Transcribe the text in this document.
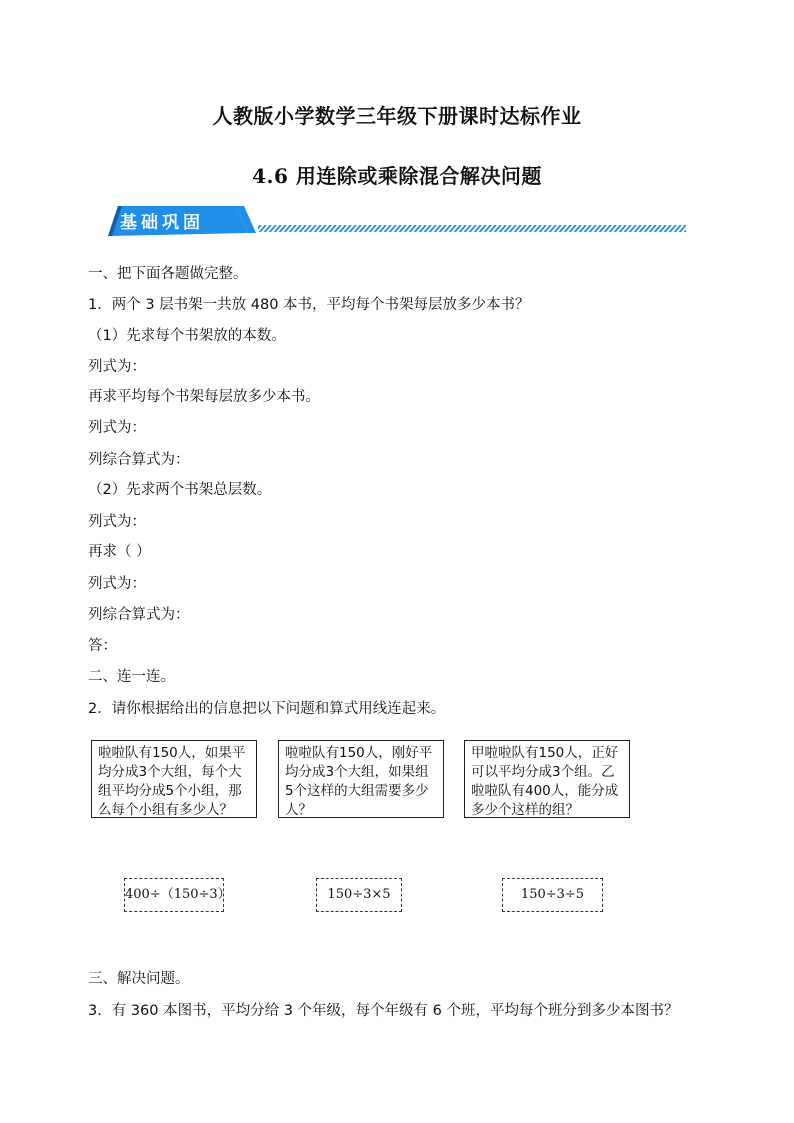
人教版小学数学三年级下册课时达标作业
4.6 用连除或乘除混合解决问题
基础巩固
一、把下面各题做完整。
1．两个 3 层书架一共放 480 本书，平均每个书架每层放多少本书？
（1）先求每个书架放的本数。
列式为：
再求平均每个书架每层放多少本书。
列式为：
列综合算式为：
（2）先求两个书架总层数。
列式为：
再求（ ）
列式为：
列综合算式为：
答：
二、连一连。
2．请你根据给出的信息把以下问题和算式用线连起来。
啦啦队有150人，如果平
均分成3个大组，每个大
组平均分成5个小组，那
么每个小组有多少人？
啦啦队有150人，刚好平
均分成3个大组，如果组
5个这样的大组需要多少
人？
甲啦啦队有150人，正好
可以平均分成3个组。乙
啦啦队有400人，能分成
多少个这样的组？
400÷（150÷3）	150÷3×5	150÷3÷5
三、解决问题。
3．有 360 本图书，平均分给 3 个年级，每个年级有 6 个班，平均每个班分到多少本图书？
